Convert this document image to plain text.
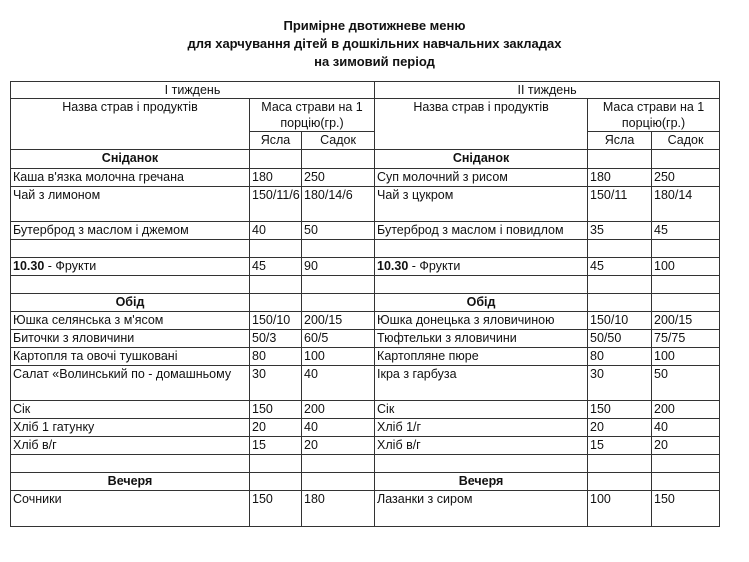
Примірне двотижневе меню
для харчування дітей в дошкільних навчальних закладах
на зимовий період
І тиждень			ІІ тиждень		
Назва страв і продуктів	Маса страви на 1 порцію(гр.)		Назва страв і продуктів	Маса страви на 1 порцію(гр.)	
	Ясла	Садок		Ясла	Садок
Сніданок			Сніданок		
Каша в'язка молочна гречана	180	250	Суп молочний з рисом	180	250
Чай з лимоном	150/11/6	180/14/6	Чай з цукром	150/11	180/14
Бутерброд з маслом і джемом	40	50	Бутерброд з маслом і повидлом	35	45

10.30 - Фрукти	45	90	10.30 - Фрукти	45	100

Обід			Обід		
Юшка селянська з м'ясом	150/10	200/15	Юшка донецька з яловичиною	150/10	200/15
Биточки з яловичини	50/3	60/5	Тюфтельки з яловичини	50/50	75/75
Картопля та овочі тушковані	80	100	Картопляне пюре	80	100
Салат «Волинський по - домашньому	30	40	Ікра з гарбуза	30	50
Сік	150	200	Сік	150	200
Хліб 1 гатунку	20	40	Хліб 1/г	20	40
Хліб в/г	15	20	Хліб в/г	15	20

Вечеря			Вечеря		
Сочники	150	180	Лазанки з сиром	100	150
